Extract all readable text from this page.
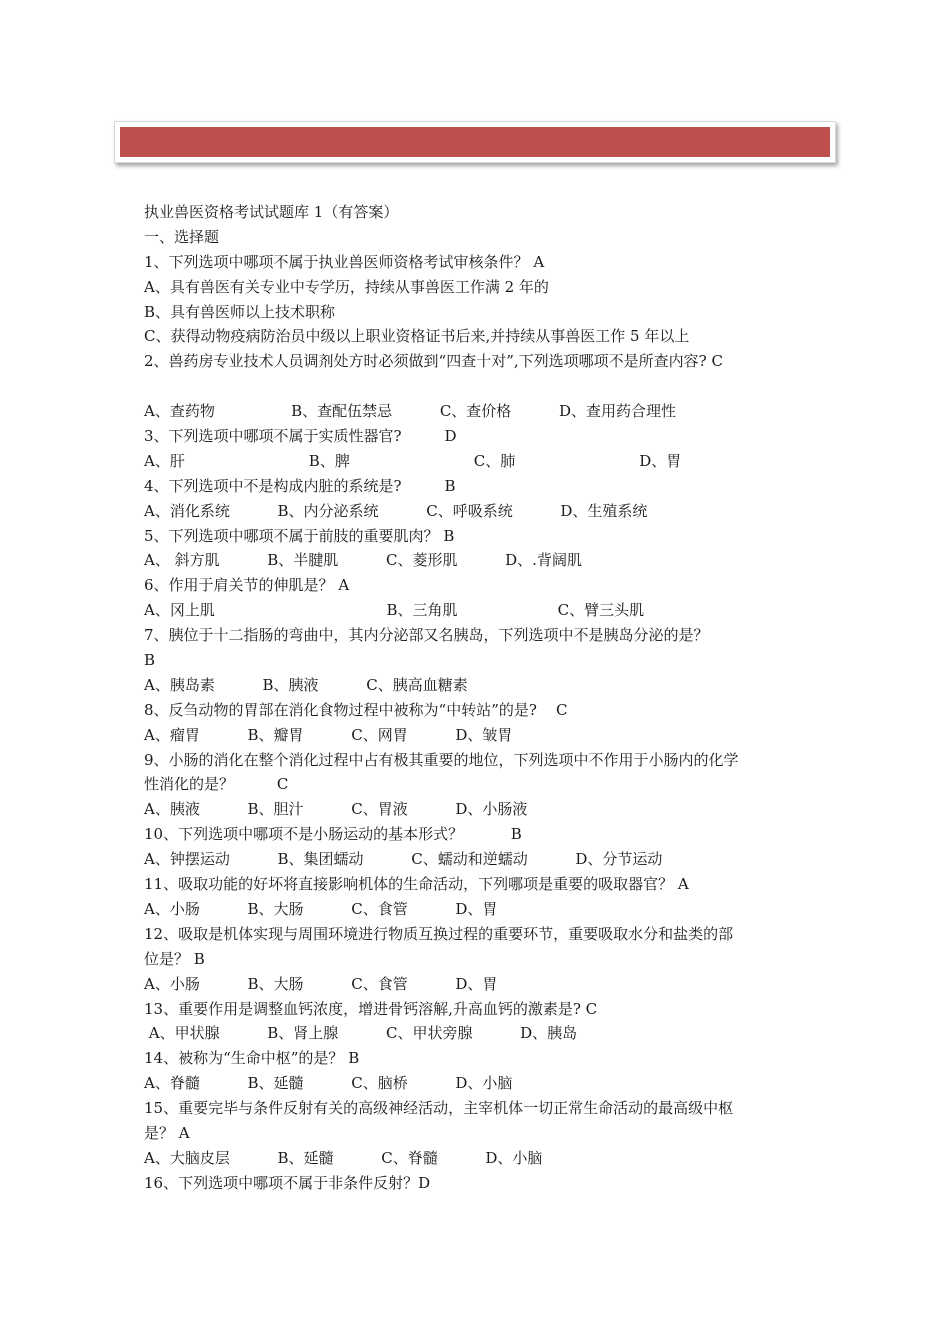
执业兽医资格考试试题库 1（有答案）
一、选择题
1、下列选项中哪项不属于执业兽医师资格考试审核条件？ A
A、具有兽医有关专业中专学历，持续从事兽医工作满 2 年的
B、具有兽医师以上技术职称
C、获得动物疫病防治员中级以上职业资格证书后来,并持续从事兽医工作 5 年以上
2、兽药房专业技术人员调剂处方时必须做到“四查十对”,下列选项哪项不是所查内容? C
A、查药物                B、查配伍禁忌          C、查价格          D、查用药合理性
3、下列选项中哪项不属于实质性器官?         D
A、肝                          B、脾                          C、肺                          D、胃
4、下列选项中不是构成内脏的系统是?         B
A、消化系统          B、内分泌系统          C、呼吸系统          D、生殖系统
5、下列选项中哪项不属于前肢的重要肌肉？ B
A、 斜方肌          B、半腱肌          C、菱形肌          D、.背阔肌
6、作用于肩关节的伸肌是？ A
A、冈上肌                                    B、三角肌                     C、臂三头肌
7、胰位于十二指肠的弯曲中，其内分泌部又名胰岛，下列选项中不是胰岛分泌的是？
B
A、胰岛素          B、胰液          C、胰高血糖素
8、反刍动物的胃部在消化食物过程中被称为“中转站”的是?    C
A、瘤胃          B、瓣胃          C、网胃          D、皱胃
9、小肠的消化在整个消化过程中占有极其重要的地位，下列选项中不作用于小肠内的化学
性消化的是？         C
A、胰液          B、胆汁          C、胃液          D、小肠液
10、下列选项中哪项不是小肠运动的基本形式？          B
A、钟摆运动          B、集团蠕动          C、蠕动和逆蠕动          D、分节运动
11、吸取功能的好坏将直接影响机体的生命活动，下列哪项是重要的吸取器官？ A
A、小肠          B、大肠          C、食管          D、胃
12、吸取是机体实现与周围环境进行物质互换过程的重要环节，重要吸取水分和盐类的部
位是？ B
A、小肠          B、大肠          C、食管          D、胃
13、重要作用是调整血钙浓度，增进骨钙溶解,升高血钙的激素是? C
A、甲状腺          B、肾上腺          C、甲状旁腺          D、胰岛
14、被称为“生命中枢”的是？ B
A、脊髓          B、延髓          C、脑桥          D、小脑
15、重要完毕与条件反射有关的高级神经活动，主宰机体一切正常生命活动的最高级中枢
是？ A
A、大脑皮层          B、延髓          C、脊髓          D、小脑
16、下列选项中哪项不属于非条件反射？D
